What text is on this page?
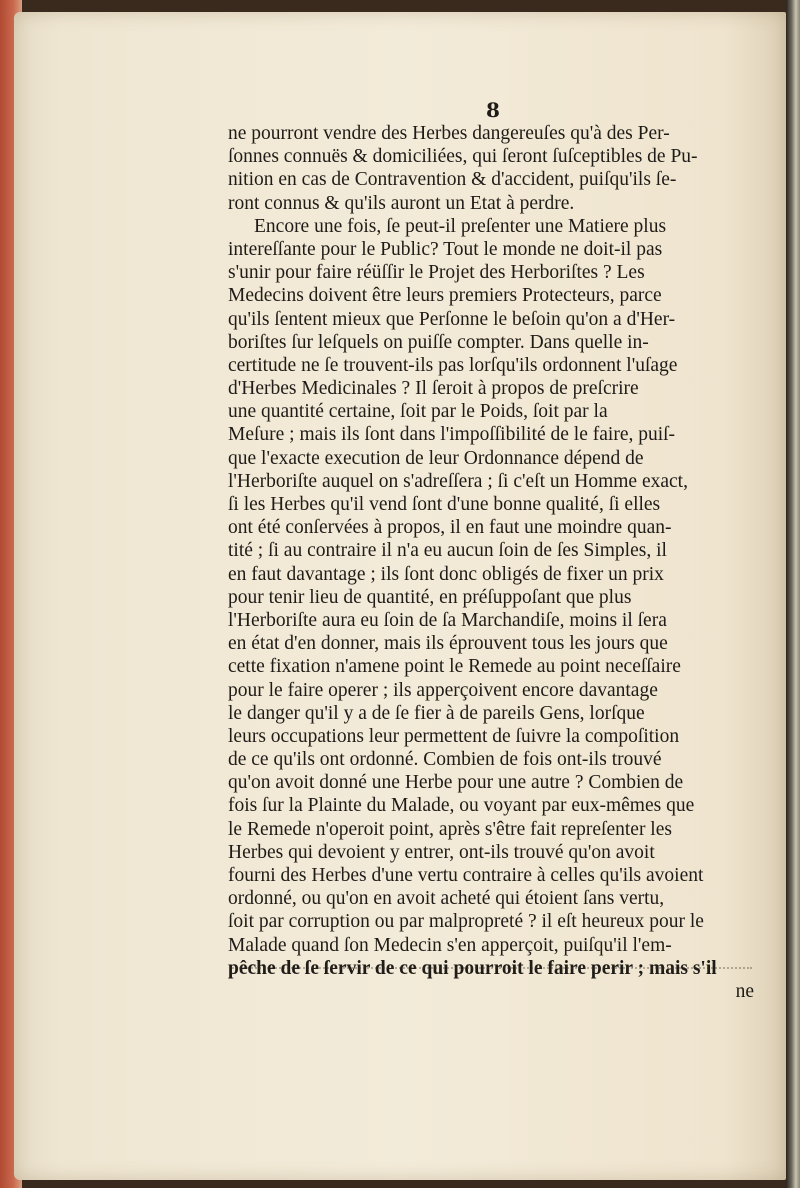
8
ne pourront vendre des Herbes dangereuſes qu'à des Per-
ſonnes connuës & domiciliées, qui ſeront ſuſceptibles de Pu-
nition en cas de Contravention & d'accident, puiſqu'ils ſe-
ront connus & qu'ils auront un Etat à perdre.
Encore une fois, ſe peut-il preſenter une Matiere plus
intereſſante pour le Public? Tout le monde ne doit-il pas
s'unir pour faire réüſſir le Projet des Herboriſtes ? Les
Medecins doivent être leurs premiers Protecteurs, parce
qu'ils ſentent mieux que Perſonne le beſoin qu'on a d'Her-
boriſtes ſur leſquels on puiſſe compter. Dans quelle in-
certitude ne ſe trouvent-ils pas lorſqu'ils ordonnent l'uſage
d'Herbes Medicinales ? Il ſeroit à propos de preſcrire
une quantité certaine, ſoit par le Poids, ſoit par la
Meſure ; mais ils ſont dans l'impoſſibilité de le faire, puiſ-
que l'exacte execution de leur Ordonnance dépend de
l'Herboriſte auquel on s'adreſſera ; ſi c'eſt un Homme exact,
ſi les Herbes qu'il vend ſont d'une bonne qualité, ſi elles
ont été conſervées à propos, il en faut une moindre quan-
tité ; ſi au contraire il n'a eu aucun ſoin de ſes Simples, il
en faut davantage ; ils ſont donc obligés de fixer un prix
pour tenir lieu de quantité, en préſuppoſant que plus
l'Herboriſte aura eu ſoin de ſa Marchandiſe, moins il ſera
en état d'en donner, mais ils éprouvent tous les jours que
cette fixation n'amene point le Remede au point neceſſaire
pour le faire operer ; ils apperçoivent encore davantage
le danger qu'il y a de ſe fier à de pareils Gens, lorſque
leurs occupations leur permettent de ſuivre la compoſition
de ce qu'ils ont ordonné. Combien de fois ont-ils trouvé
qu'on avoit donné une Herbe pour une autre ? Combien de
fois ſur la Plainte du Malade, ou voyant par eux-mêmes que
le Remede n'operoit point, après s'être fait repreſenter les
Herbes qui devoient y entrer, ont-ils trouvé qu'on avoit
fourni des Herbes d'une vertu contraire à celles qu'ils avoient
ordonné, ou qu'on en avoit acheté qui étoient ſans vertu,
ſoit par corruption ou par malpropreté ? il eſt heureux pour le
Malade quand ſon Medecin s'en apperçoit, puiſqu'il l'em-
pêche de ſe ſervir de ce qui pourroit le faire perir ; mais s'il
ne
